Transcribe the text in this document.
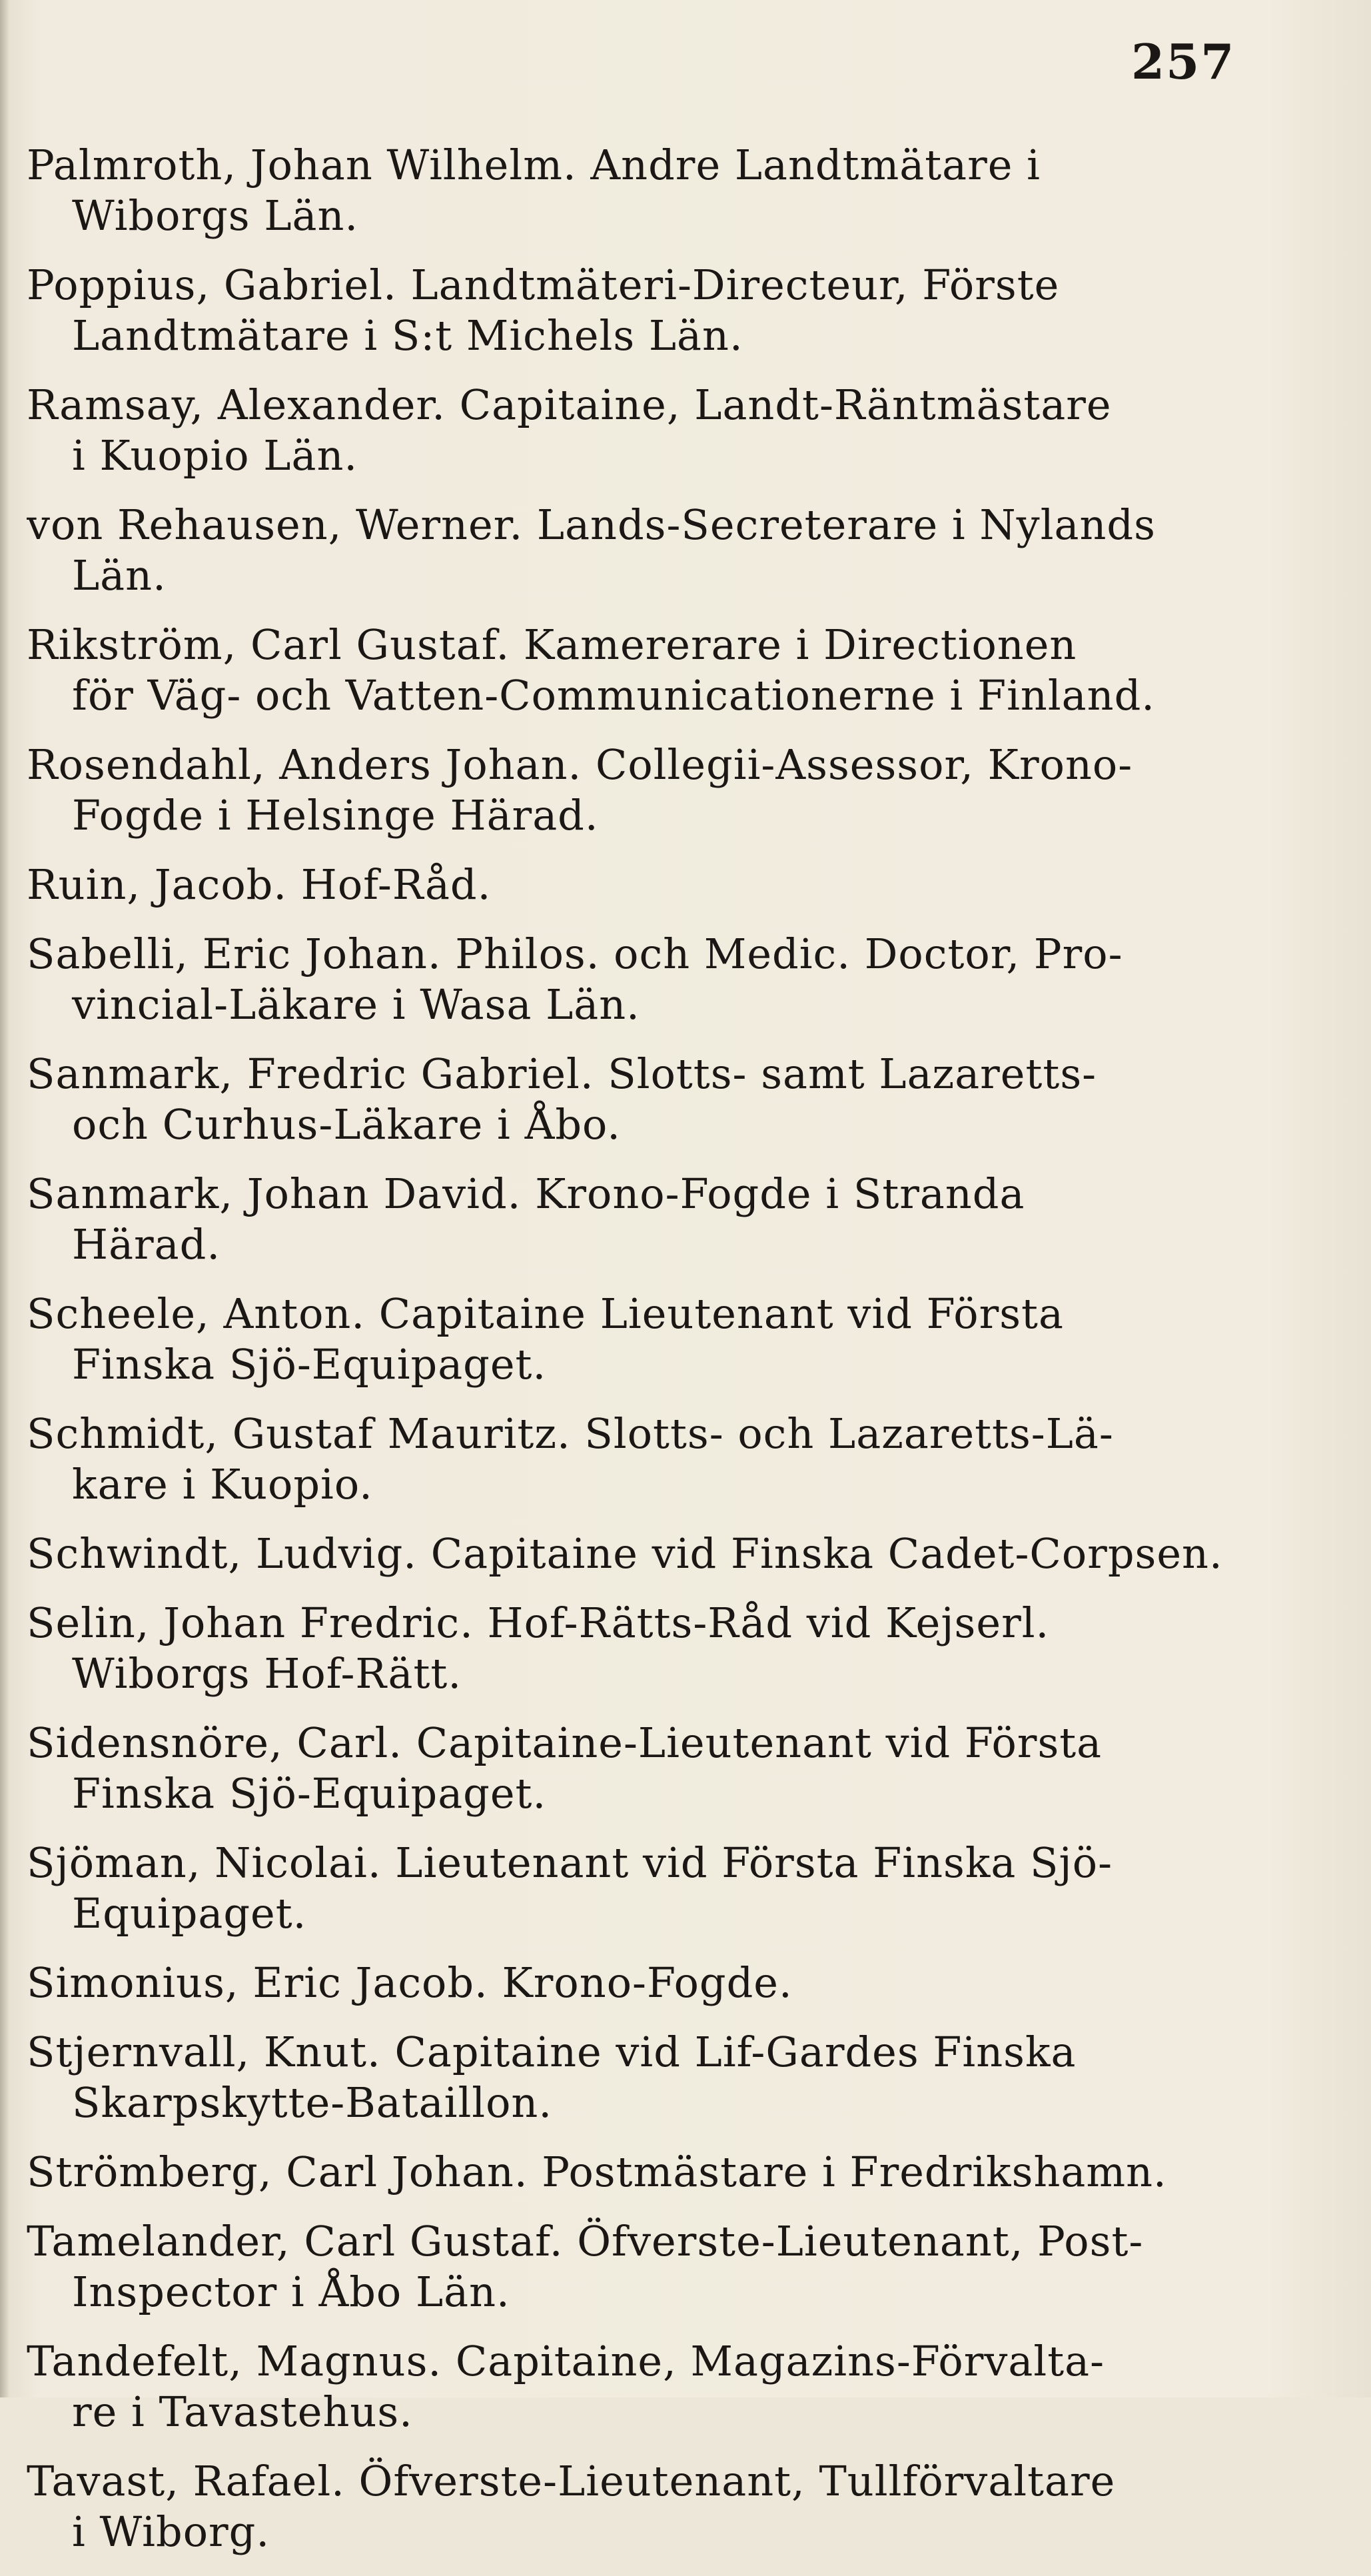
257
Palmroth, Johan Wilhelm. Andre Landtmätare i
Wiborgs Län.
Poppius, Gabriel. Landtmäteri-Directeur, Förste
Landtmätare i S:t Michels Län.
Ramsay, Alexander. Capitaine, Landt-Räntmästare
i Kuopio Län.
von Rehausen, Werner. Lands-Secreterare i Nylands
Län.
Rikström, Carl Gustaf. Kamererare i Directionen
för Väg- och Vatten-Communicationerne i Finland.
Rosendahl, Anders Johan. Collegii-Assessor, Krono-
Fogde i Helsinge Härad.
Ruin, Jacob. Hof-Råd.
Sabelli, Eric Johan. Philos. och Medic. Doctor, Pro-
vincial-Läkare i Wasa Län.
Sanmark, Fredric Gabriel. Slotts- samt Lazaretts-
och Curhus-Läkare i Åbo.
Sanmark, Johan David. Krono-Fogde i Stranda
Härad.
Scheele, Anton. Capitaine Lieutenant vid Första
Finska Sjö-Equipaget.
Schmidt, Gustaf Mauritz. Slotts- och Lazaretts-Lä-
kare i Kuopio.
Schwindt, Ludvig. Capitaine vid Finska Cadet-Corpsen.
Selin, Johan Fredric. Hof-Rätts-Råd vid Kejserl.
Wiborgs Hof-Rätt.
Sidensnöre, Carl. Capitaine-Lieutenant vid Första
Finska Sjö-Equipaget.
Sjöman, Nicolai. Lieutenant vid Första Finska Sjö-
Equipaget.
Simonius, Eric Jacob. Krono-Fogde.
Stjernvall, Knut. Capitaine vid Lif-Gardes Finska
Skarpskytte-Bataillon.
Strömberg, Carl Johan. Postmästare i Fredrikshamn.
Tamelander, Carl Gustaf. Öfverste-Lieutenant, Post-
Inspector i Åbo Län.
Tandefelt, Magnus. Capitaine, Magazins-Förvalta-
re i Tavastehus.
Tavast, Rafael. Öfverste-Lieutenant, Tullförvaltare
i Wiborg.
